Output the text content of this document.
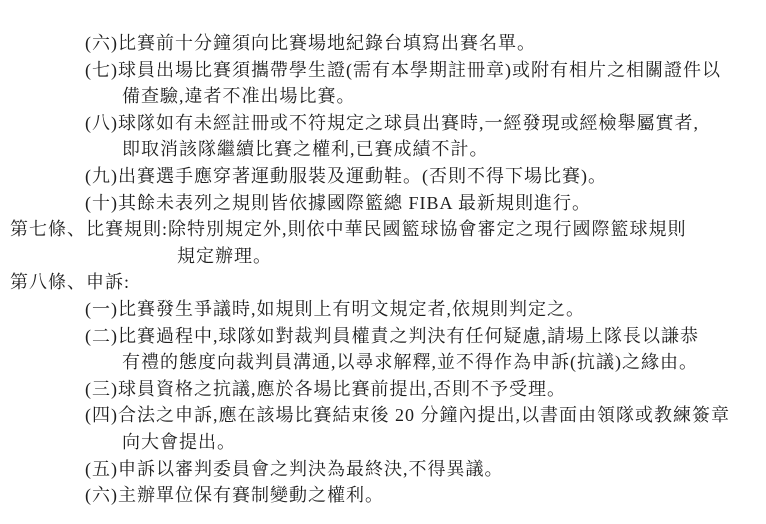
(六)比賽前十分鐘須向比賽場地紀錄台填寫出賽名單。
(七)球員出場比賽須攜帶學生證(需有本學期註冊章)或附有相片之相關證件以
備查驗,違者不准出場比賽。
(八)球隊如有未經註冊或不符規定之球員出賽時,一經發現或經檢舉屬實者,
即取消該隊繼續比賽之權利,已賽成績不計。
(九)出賽選手應穿著運動服裝及運動鞋。(否則不得下場比賽)。
(十)其餘未表列之規則皆依據國際籃總 FIBA 最新規則進行。
第七條、比賽規則:除特別規定外,則依中華民國籃球協會審定之現行國際籃球規則
規定辦理。
第八條、申訴:
(一)比賽發生爭議時,如規則上有明文規定者,依規則判定之。
(二)比賽過程中,球隊如對裁判員權責之判決有任何疑慮,請場上隊長以謙恭
有禮的態度向裁判員溝通,以尋求解釋,並不得作為申訴(抗議)之緣由。
(三)球員資格之抗議,應於各場比賽前提出,否則不予受理。
(四)合法之申訴,應在該場比賽結束後 20 分鐘內提出,以書面由領隊或教練簽章
向大會提出。
(五)申訴以審判委員會之判決為最終決,不得異議。
(六)主辦單位保有賽制變動之權利。
